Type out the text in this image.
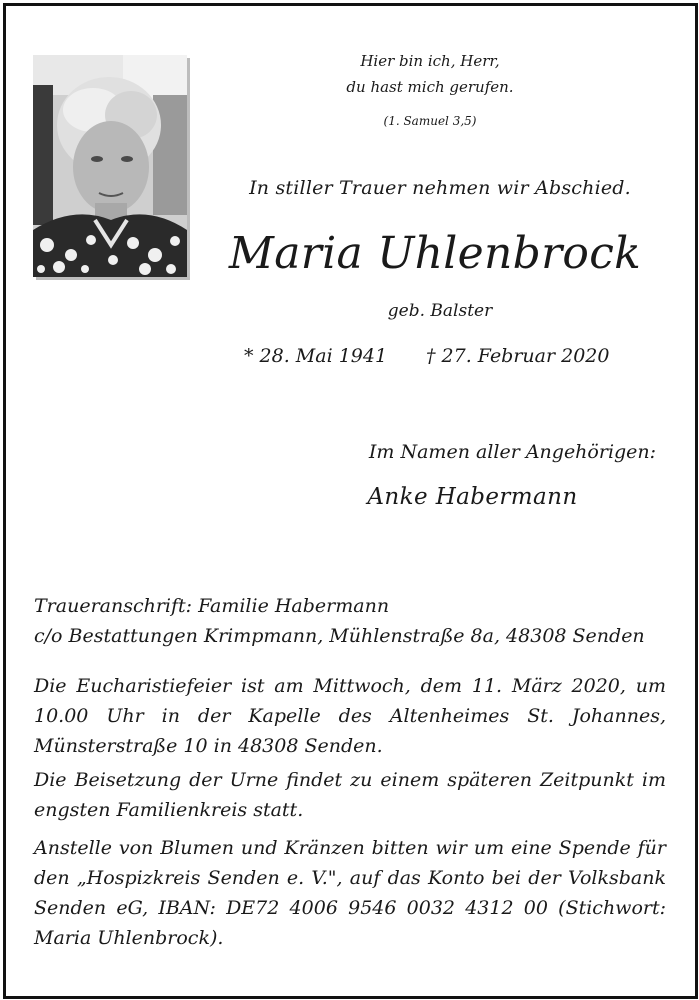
Hier bin ich, Herr,
du hast mich gerufen.
(1. Samuel 3,5)
In stiller Trauer nehmen wir Abschied.
Maria Uhlenbrock
geb. Balster
* 28. Mai 1941 † 27. Februar 2020
Im Namen aller Angehörigen:
Anke Habermann

Traueranschrift: Familie Habermann

c/o Bestattungen Krimpmann, Mühlenstraße 8a, 48308 Senden

Die Eucharistiefeier ist am Mittwoch, dem 11. März 2020, um 10.00 Uhr in der Kapelle des Altenheimes St. Johannes, Münsterstraße 10 in 48308 Senden.

Die Beisetzung der Urne findet zu einem späteren Zeitpunkt im engsten Familienkreis statt.

Anstelle von Blumen und Kränzen bitten wir um eine Spende für den „Hospizkreis Senden e. V.", auf das Konto bei der Volksbank Senden eG, IBAN: DE72 4006 9546 0032 4312 00 (Stichwort: Maria Uhlenbrock).
